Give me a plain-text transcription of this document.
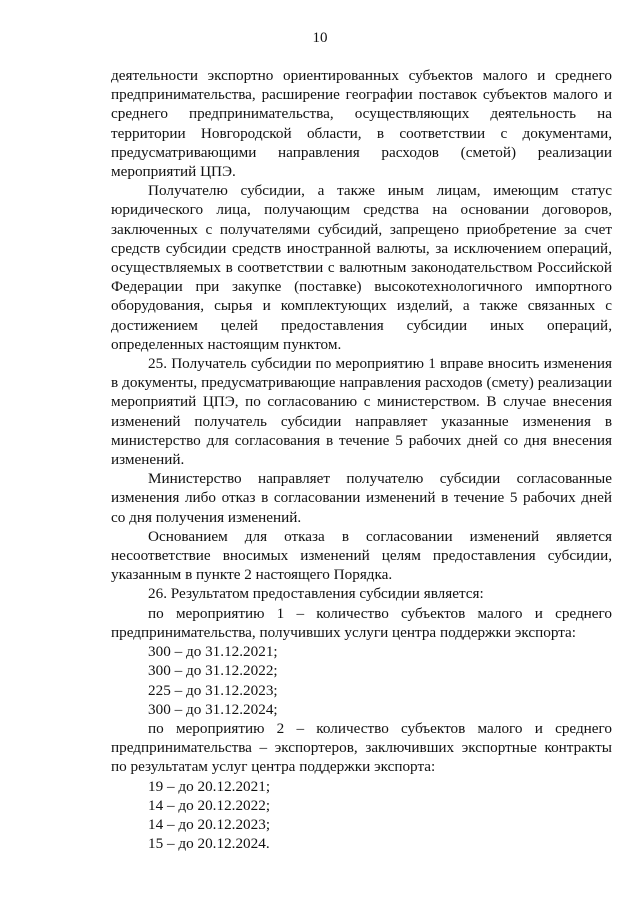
10

деятельности экспортно ориентированных субъектов малого и среднего предпринимательства, расширение географии поставок субъектов малого и среднего предпринимательства, осуществляющих деятельность на территории Новгородской области, в соответствии с документами, предусматривающими направления расходов (сметой) реализации мероприятий ЦПЭ.

Получателю субсидии, а также иным лицам, имеющим статус юридического лица, получающим средства на основании договоров, заключенных с получателями субсидий, запрещено приобретение за счет средств субсидии средств иностранной валюты, за исключением операций, осуществляемых в соответствии с валютным законодательством Российской Федерации при закупке (поставке) высокотехнологичного импортного оборудования, сырья и комплектующих изделий, а также связанных с достижением целей предоставления субсидии иных операций, определенных настоящим пунктом.

25. Получатель субсидии по мероприятию 1 вправе вносить изменения в документы, предусматривающие направления расходов (смету) реализации мероприятий ЦПЭ, по согласованию с министерством. В случае внесения изменений получатель субсидии направляет указанные изменения в министерство для согласования в течение 5 рабочих дней со дня внесения изменений.

Министерство направляет получателю субсидии согласованные изменения либо отказ в согласовании изменений в течение 5 рабочих дней со дня получения изменений.

Основанием для отказа в согласовании изменений является несоответствие вносимых изменений целям предоставления субсидии, указанным в пункте 2 настоящего Порядка.

26. Результатом предоставления субсидии является:

по мероприятию 1 – количество субъектов малого и среднего предпринимательства, получивших услуги центра поддержки экспорта:

300 – до 31.12.2021;

300 – до 31.12.2022;

225 – до 31.12.2023;

300 – до 31.12.2024;

по мероприятию 2 – количество субъектов малого и среднего предпринимательства – экспортеров, заключивших экспортные контракты по результатам услуг центра поддержки экспорта:

19 – до 20.12.2021;

14 – до 20.12.2022;

14 – до 20.12.2023;

15 – до 20.12.2024.
